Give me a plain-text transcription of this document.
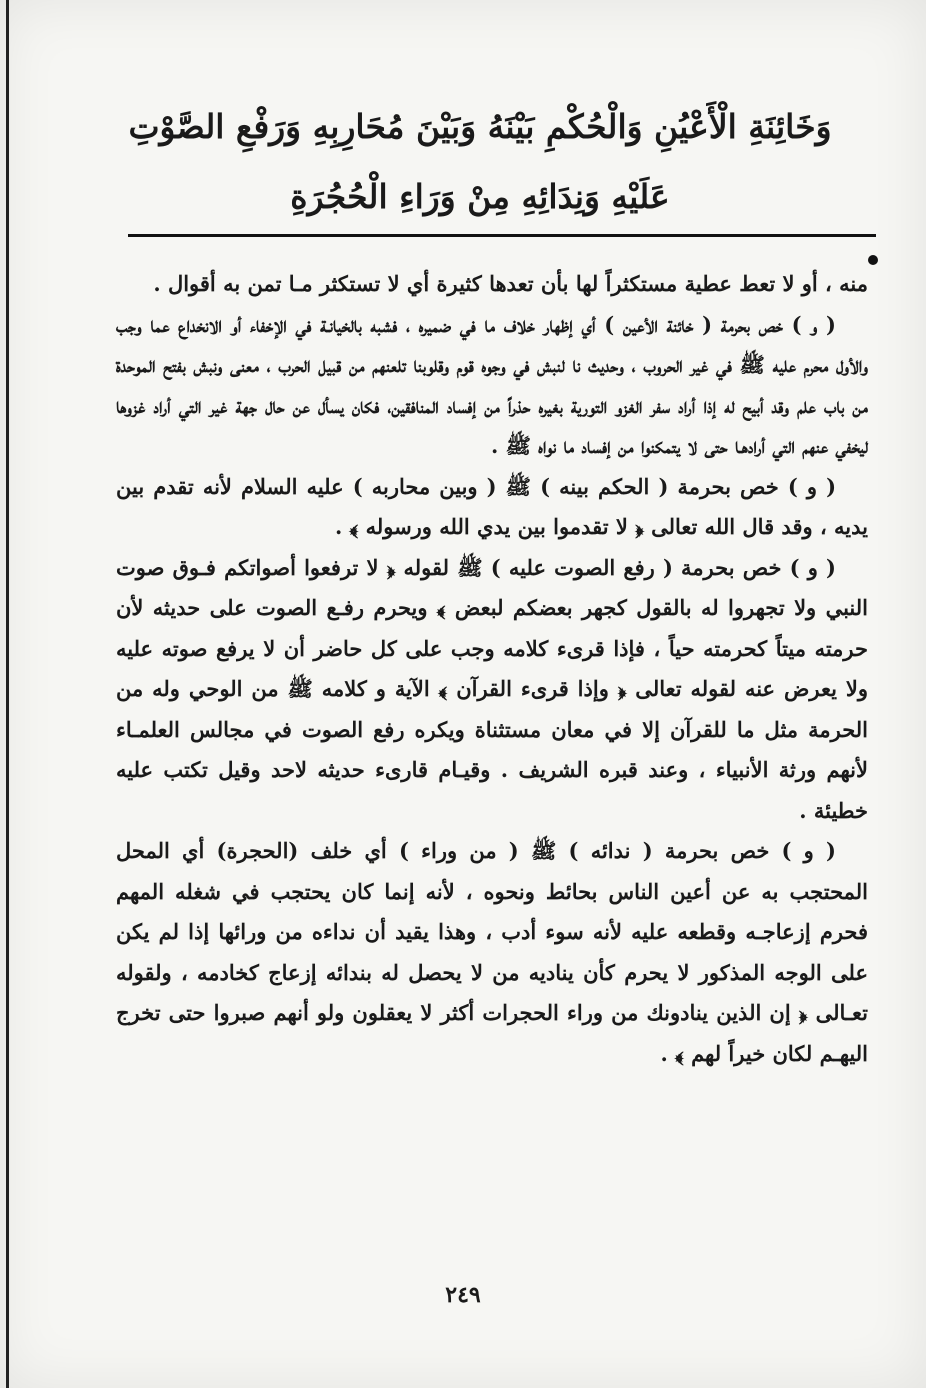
وَخَائِنَةِ الْأَعْيُنِ وَالْحُكْمِ بَيْنَهُ وَبَيْنَ مُحَارِبِهِ وَرَفْعِ الصَّوْتِ
عَلَيْهِ وَنِدَائِهِ مِنْ وَرَاءِ الْحُجُرَةِ

منه ، أو لا تعط عطية مستكثراً لها بأن تعدها كثيرة أي لا تستكثر مـا تمن به أقوال .

( و ) خص بحرمة ( خائنة الأعين ) أي إظهار خلاف ما في ضميره ، فشبه بالخيانـة في الإخفاء أو الانخداع عما وجب والأول محرم عليه ﷺ في غير الحروب ، وحديث نا لنبش في وجوه قوم وقلوبنا تلعنهم من قبيل الحرب ، معنى ونبش بفتح الموحدة من باب علم وقد أبيح له إذا أراد سفر الغزو التورية بغيره حذراً من إفساد المنافقين، فكان يسأل عن حال جهة غير التي أراد غزوها ليخفي عنهم التي أرادهـا حتى لا يتمكنوا من إفساد ما نواه ﷺ .

( و ) خص بحرمة ( الحكم بينه ) ﷺ ( وبين محاربه ) عليه السلام لأنه تقدم بين يديه ، وقد قال الله تعالى ﴿ لا تقدموا بين يدي الله ورسوله ﴾ .

( و ) خص بحرمة ( رفع الصوت عليه ) ﷺ لقوله ﴿ لا ترفعوا أصواتكم فـوق صوت النبي ولا تجهروا له بالقول كجهر بعضكم لبعض ﴾ ويحرم رفـع الصوت على حديثه لأن حرمته ميتاً كحرمته حياً ، فإذا قرىء كلامه وجب على كل حاضر أن لا يرفع صوته عليه ولا يعرض عنه لقوله تعالى ﴿ وإذا قرىء القرآن ﴾ الآية و كلامه ﷺ من الوحي وله من الحرمة مثل ما للقرآن إلا في معان مستثناة ويكره رفع الصوت في مجالس العلمـاء لأنهم ورثة الأنبياء ، وعند قبره الشريف . وقيـام قارىء حديثه لاحد وقيل تكتب عليه خطيئة .

( و ) خص بحرمة ( ندائه ) ﷺ ( من وراء ) أي خلف (الحجرة) أي المحل المحتجب به عن أعين الناس بحائط ونحوه ، لأنه إنما كان يحتجب في شغله المهم فحرم إزعاجـه وقطعه عليه لأنه سوء أدب ، وهذا يقيد أن نداءه من ورائها إذا لم يكن على الوجه المذكور لا يحرم كأن يناديه من لا يحصل له بندائه إزعاج كخادمه ، ولقوله تعـالى ﴿ إن الذين ينادونك من وراء الحجرات أكثر لا يعقلون ولو أنهم صبروا حتى تخرج اليهـم لكان خيراً لهم ﴾ .

٢٤٩
